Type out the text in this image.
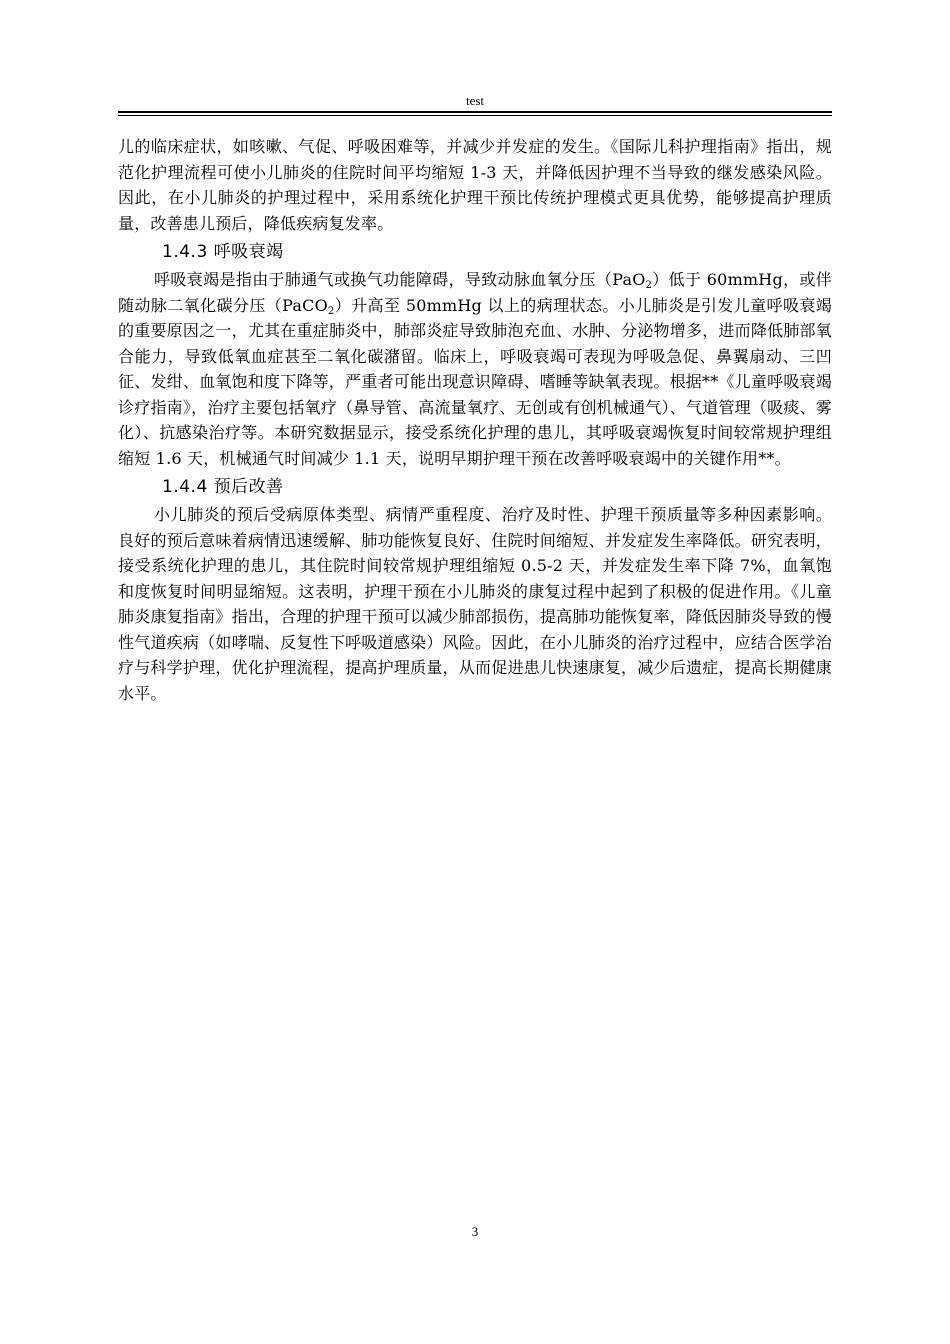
test

儿的临床症状，如咳嗽、气促、呼吸困难等，并减少并发症的发生。《国际儿科护理指南》指出，规范化护理流程可使小儿肺炎的住院时间平均缩短 1-3 天，并降低因护理不当导致的继发感染风险。因此，在小儿肺炎的护理过程中，采用系统化护理干预比传统护理模式更具优势，能够提高护理质量，改善患儿预后，降低疾病复发率。

1.4.3 呼吸衰竭

呼吸衰竭是指由于肺通气或换气功能障碍，导致动脉血氧分压（PaO$_2$）低于 60mmHg，或伴随动脉二氧化碳分压（PaCO$_2$）升高至 50mmHg 以上的病理状态。小儿肺炎是引发儿童呼吸衰竭的重要原因之一，尤其在重症肺炎中，肺部炎症导致肺泡充血、水肿、分泌物增多，进而降低肺部氧合能力，导致低氧血症甚至二氧化碳潴留。临床上，呼吸衰竭可表现为呼吸急促、鼻翼扇动、三凹征、发绀、血氧饱和度下降等，严重者可能出现意识障碍、嗜睡等缺氧表现。根据**《儿童呼吸衰竭诊疗指南》，治疗主要包括氧疗（鼻导管、高流量氧疗、无创或有创机械通气）、气道管理（吸痰、雾化）、抗感染治疗等。本研究数据显示，接受系统化护理的患儿，其呼吸衰竭恢复时间较常规护理组缩短 1.6 天，机械通气时间减少 1.1 天，说明早期护理干预在改善呼吸衰竭中的关键作用**。

1.4.4 预后改善

小儿肺炎的预后受病原体类型、病情严重程度、治疗及时性、护理干预质量等多种因素影响。良好的预后意味着病情迅速缓解、肺功能恢复良好、住院时间缩短、并发症发生率降低。研究表明，接受系统化护理的患儿，其住院时间较常规护理组缩短 0.5-2 天，并发症发生率下降 7%，血氧饱和度恢复时间明显缩短。这表明，护理干预在小儿肺炎的康复过程中起到了积极的促进作用。《儿童肺炎康复指南》指出，合理的护理干预可以减少肺部损伤，提高肺功能恢复率，降低因肺炎导致的慢性气道疾病（如哮喘、反复性下呼吸道感染）风险。因此，在小儿肺炎的治疗过程中，应结合医学治疗与科学护理，优化护理流程，提高护理质量，从而促进患儿快速康复，减少后遗症，提高长期健康水平。

3
